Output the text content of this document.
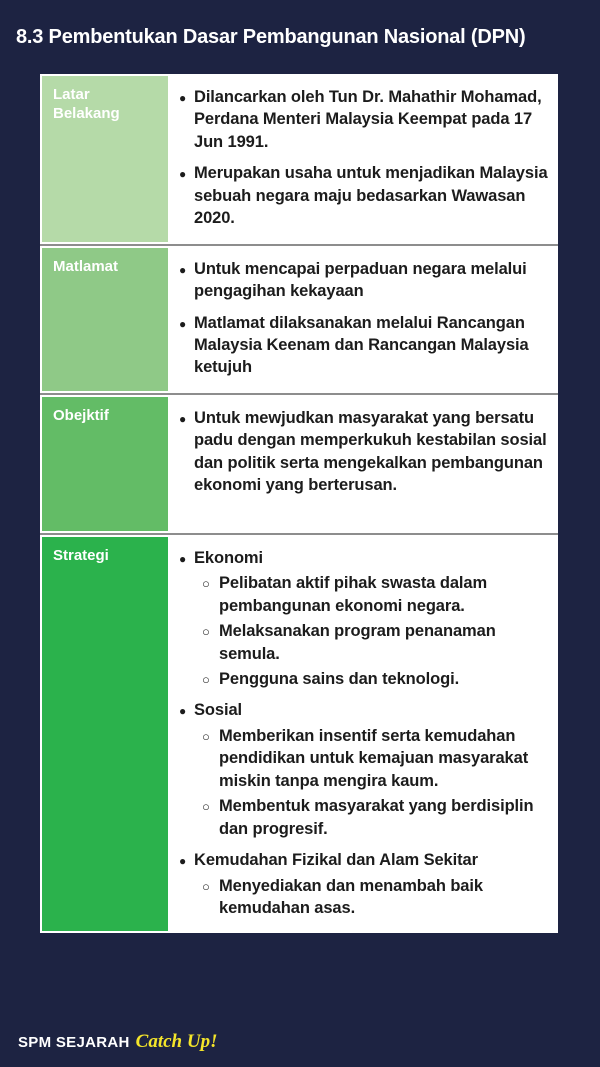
8.3 Pembentukan Dasar Pembangunan Nasional (DPN)
Latar Belakang
● Dilancarkan oleh Tun Dr. Mahathir Mohamad, Perdana Menteri Malaysia Keempat pada 17 Jun 1991.
● Merupakan usaha untuk menjadikan Malaysia sebuah negara maju bedasarkan Wawasan 2020.
Matlamat	● Untuk mencapai perpaduan negara melalui pengagihan kekayaan
● Matlamat dilaksanakan melalui Rancangan Malaysia Keenam dan Rancangan Malaysia ketujuh
Obejktif	● Untuk mewjudkan masyarakat yang bersatu padu dengan memperkukuh kestabilan sosial dan politik serta mengekalkan pembangunan ekonomi yang berterusan.
Strategi	● Ekonomi
○ Pelibatan aktif pihak swasta dalam pembangunan ekonomi negara.
○ Melaksanakan program penanaman semula.
○ Pengguna sains dan teknologi.
● Sosial
○ Memberikan insentif serta kemudahan pendidikan untuk kemajuan masyarakat miskin tanpa mengira kaum.
○ Membentuk masyarakat yang berdisiplin dan progresif.
● Kemudahan Fizikal dan Alam Sekitar
○ Menyediakan dan menambah baik kemudahan asas.
SPM SEJARAH Catch Up!
